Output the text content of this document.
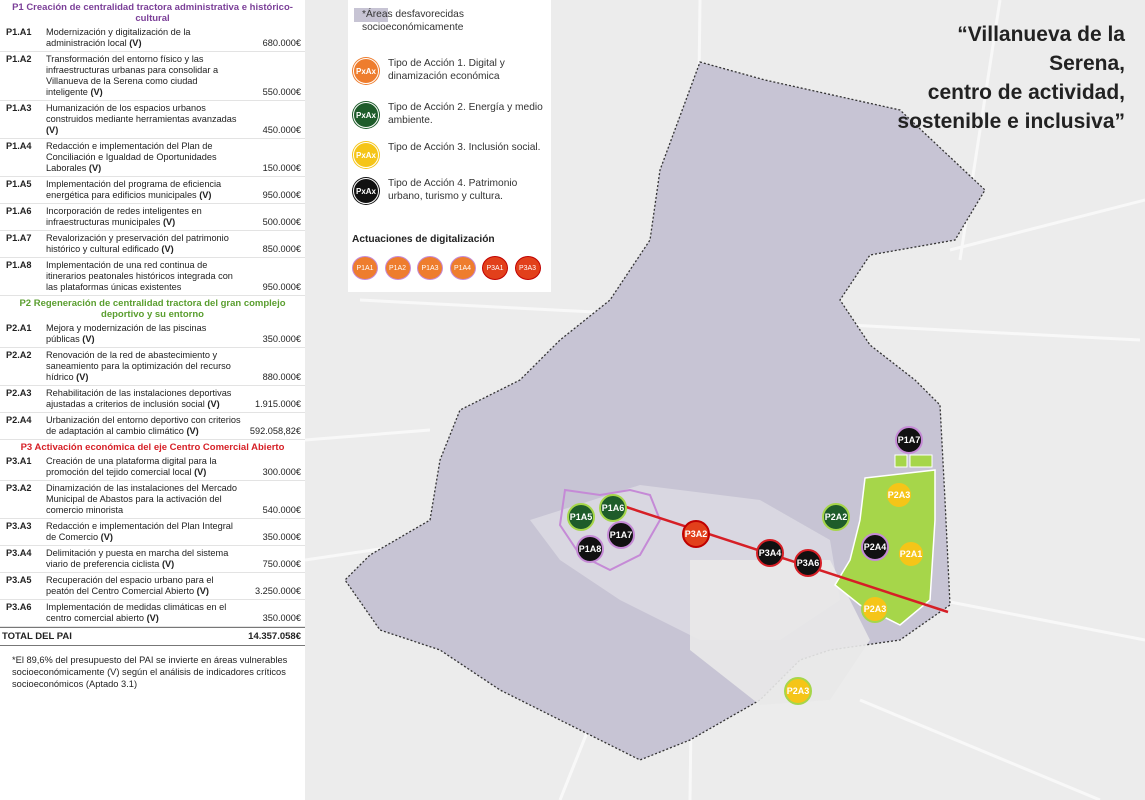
P1 Creación de centralidad tractora administrativa e histórico-cultural
P1.A1	Modernización y digitalización de la administración local (V)	680.000€
P1.A2	Transformación del entorno físico y las infraestructuras urbanas para consolidar a Villanueva de la Serena como ciudad inteligente (V)	550.000€
P1.A3	Humanización de los espacios urbanos construidos mediante herramientas avanzadas (V)	450.000€
P1.A4	Redacción e implementación del Plan de Conciliación e Igualdad de Oportunidades Laborales (V)	150.000€
P1.A5	Implementación del programa de eficiencia energética para edificios municipales (V)	950.000€
P1.A6	Incorporación de redes inteligentes en infraestructuras municipales (V)	500.000€
P1.A7	Revalorización y preservación del patrimonio histórico y cultural edificado (V)	850.000€
P1.A8	Implementación de una red continua de itinerarios peatonales históricos integrada con las plataformas únicas existentes	950.000€
P2 Regeneración de centralidad tractora del gran complejo deportivo y su entorno
P2.A1	Mejora y modernización de las piscinas públicas (V)	350.000€
P2.A2	Renovación de la red de abastecimiento y saneamiento para la optimización del recurso hídrico (V)	880.000€
P2.A3	Rehabilitación de las instalaciones deportivas ajustadas a criterios de inclusión social (V)	1.915.000€
P2.A4	Urbanización del entorno deportivo con criterios de adaptación al cambio climático (V)	592.058,82€
P3 Activación económica del eje Centro Comercial Abierto
P3.A1	Creación de una plataforma digital para la promoción del tejido comercial local (V)	300.000€
P3.A2	Dinamización de las instalaciones del Mercado Municipal de Abastos para la activación del comercio minorista	540.000€
P3.A3	Redacción e implementación del Plan Integral de Comercio (V)	350.000€
P3.A4	Delimitación y puesta en marcha del sistema viario de preferencia ciclista (V)	750.000€
P3.A5	Recuperación del espacio urbano para el peatón del Centro Comercial Abierto (V)	3.250.000€
P3.A6	Implementación de medidas climáticas en el centro comercial abierto (V)	350.000€
TOTAL DEL PAI	14.357.058€
*El 89,6% del presupuesto del PAI se invierte en áreas vulnerables socioeconómicamente (V) según el análisis de indicadores críticos socioeconómicos (Aptado 3.1)
“Villanueva de la
Serena,
centro de actividad,
sostenible e inclusiva”
P1A5
P1A6
P1A7
P1A8
P3A2
P3A4
P3A6
P2A2
P2A4
P2A3
P2A1
P1A7
P2A3
P2A3
*Áreas desfavorecidas socioeconómicamente
PxAx
Tipo de Acción 1. Digital y dinamización económica
PxAx
Tipo de Acción 2. Energía y medio ambiente.
PxAx
Tipo de Acción 3. Inclusión social.
PxAx
Tipo de Acción 4. Patrimonio urbano, turismo y cultura.
Actuaciones de digitalización
P1A1	P1A2	P1A3	P1A4	P3A1	P3A3
